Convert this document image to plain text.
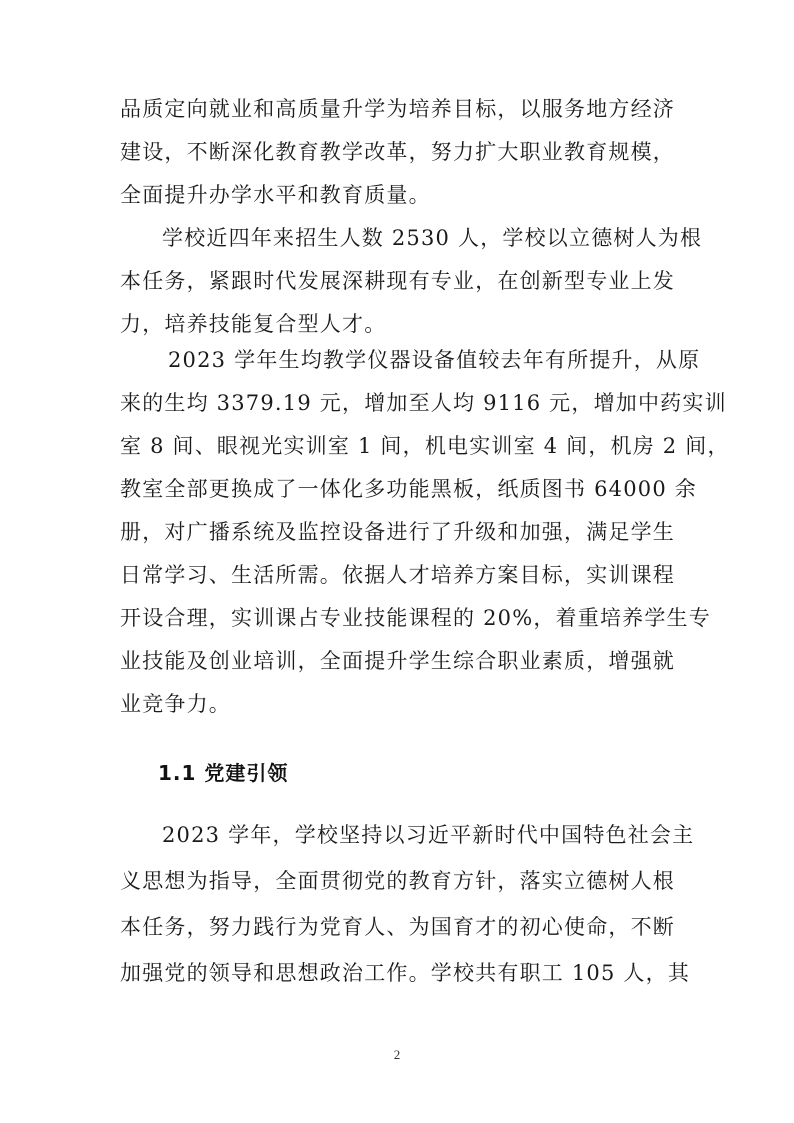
品质定向就业和高质量升学为培养目标，以服务地方经济
建设，不断深化教育教学改革，努力扩大职业教育规模，
全面提升办学水平和教育质量。
学校近四年来招生人数 2530 人，学校以立德树人为根
本任务，紧跟时代发展深耕现有专业，在创新型专业上发
力，培养技能复合型人才。
2023 学年生均教学仪器设备值较去年有所提升，从原
来的生均 3379.19 元，增加至人均 9116 元，增加中药实训
室 8 间、眼视光实训室 1 间，机电实训室 4 间，机房 2 间，
教室全部更换成了一体化多功能黑板，纸质图书 64000 余
册，对广播系统及监控设备进行了升级和加强，满足学生
日常学习、生活所需。依据人才培养方案目标，实训课程
开设合理，实训课占专业技能课程的 20%，着重培养学生专
业技能及创业培训，全面提升学生综合职业素质，增强就
业竞争力。
1.1 党建引领
2023 学年，学校坚持以习近平新时代中国特色社会主
义思想为指导，全面贯彻党的教育方针，落实立德树人根
本任务，努力践行为党育人、为国育才的初心使命，不断
加强党的领导和思想政治工作。学校共有职工 105 人，其
2
